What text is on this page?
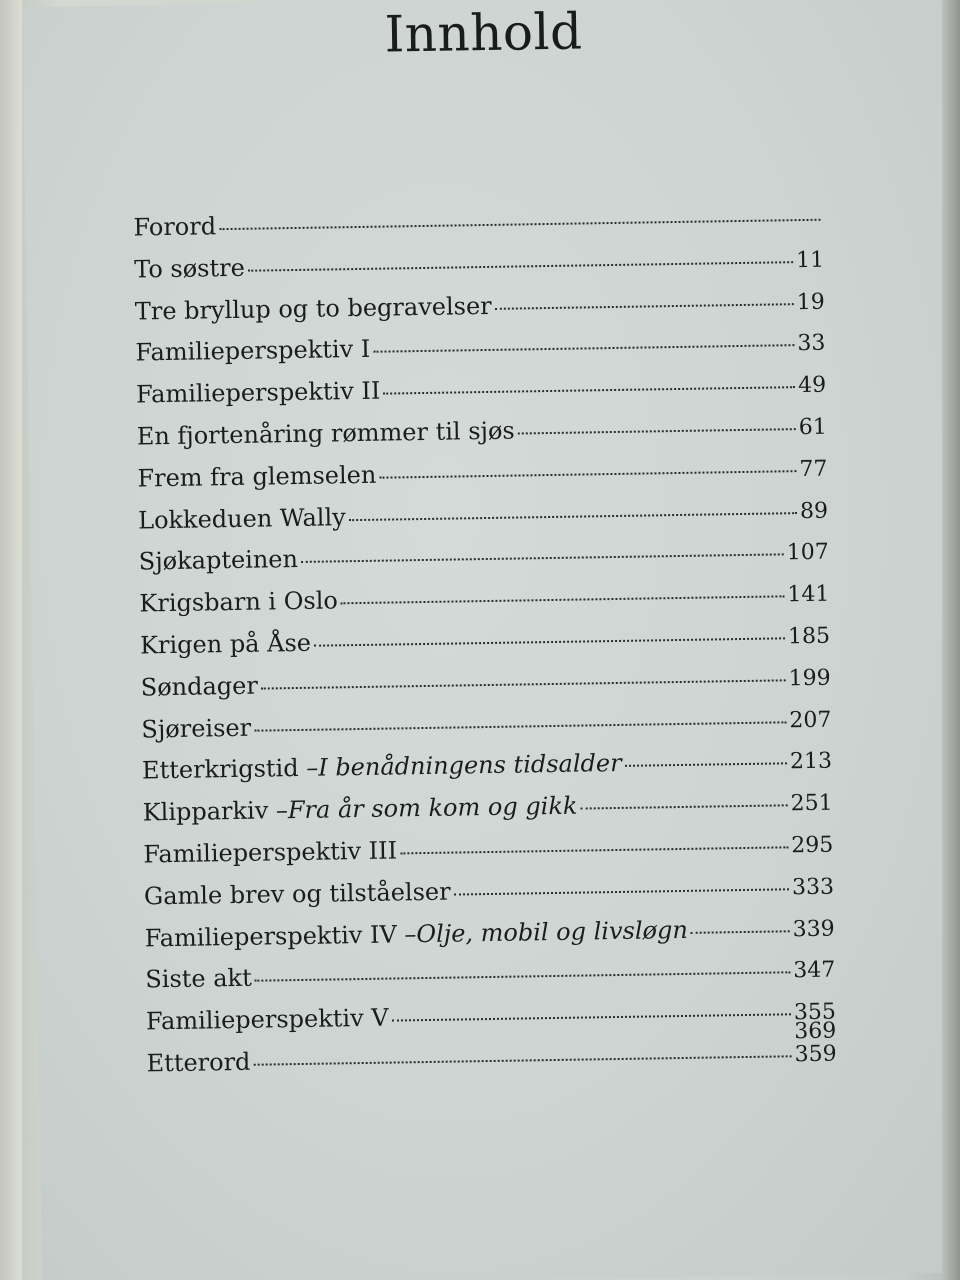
Innhold
Forord
To søstre	11
Tre bryllup og to begravelser	19
Familieperspektiv I	33
Familieperspektiv II	49
En fjortenåring rømmer til sjøs	61
Frem fra glemselen	77
Lokkeduen Wally	89
Sjøkapteinen	107
Krigsbarn i Oslo	141
Krigen på Åse	185
Søndager	199
Sjøreiser	207
Etterkrigstid – I benådningens tidsalder	213
Klipparkiv – Fra år som kom og gikk	251
Familieperspektiv III	295
Gamle brev og tilståelser	333
Familieperspektiv IV – Olje, mobil og livsløgn	339
Siste akt	347
Familieperspektiv V	355
Etterord	359
369
